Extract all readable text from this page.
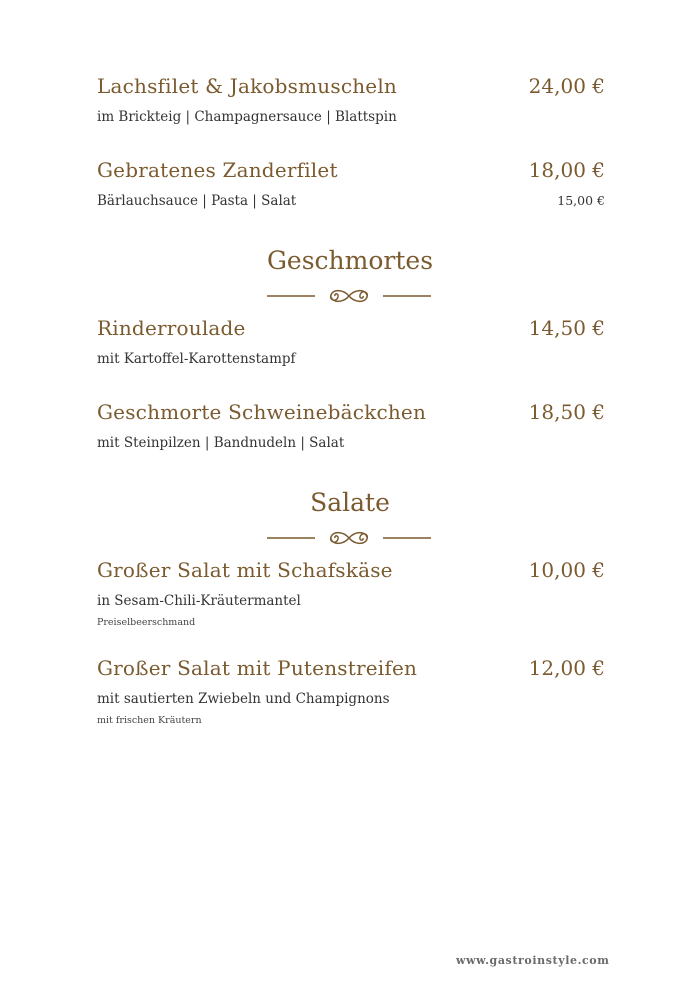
Lachsfilet & Jakobsmuscheln	24,00 €
im Brickteig | Champagnersauce | Blattspin
Gebratenes Zanderfilet	18,00 €
Bärlauchsauce | Pasta | Salat	15,00 €
Geschmortes
Rinderroulade	14,50 €
mit Kartoffel-Karottenstampf
Geschmorte Schweinebäckchen	18,50 €
mit Steinpilzen | Bandnudeln | Salat
Salate
Großer Salat mit Schafskäse	10,00 €
in Sesam-Chili-Kräutermantel
Preiselbeerschmand
Großer Salat mit Putenstreifen	12,00 €
mit sautierten Zwiebeln und Champignons
mit frischen Kräutern
www.gastroinstyle.com
